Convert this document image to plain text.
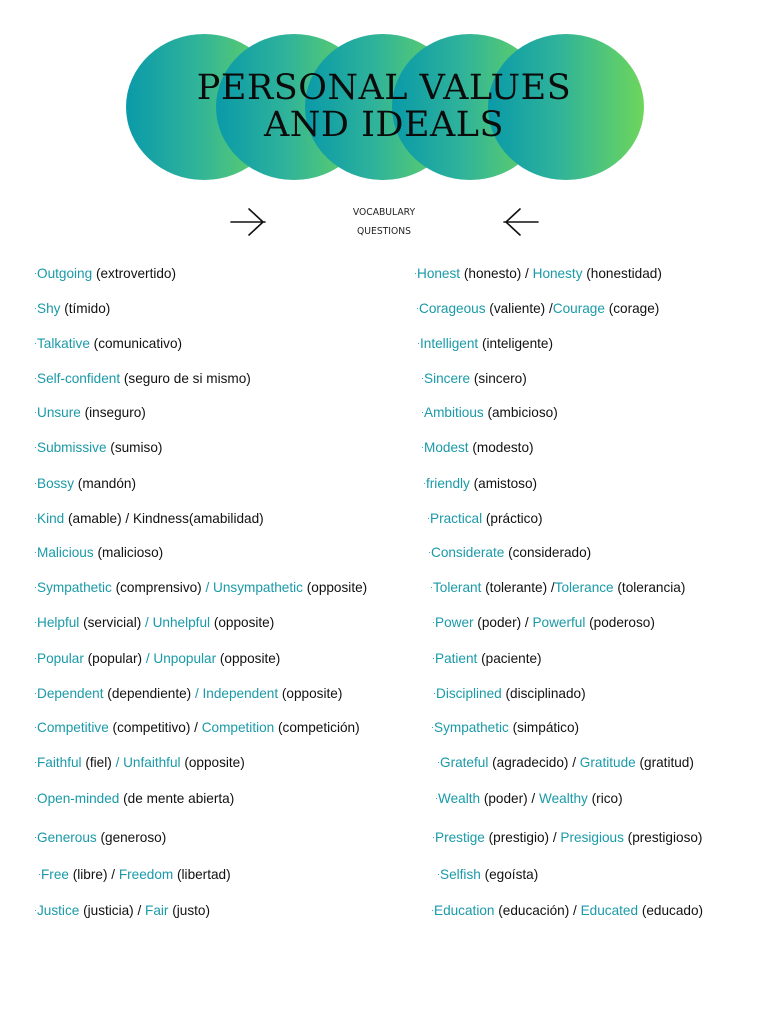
PERSONAL VALUES
AND IDEALS
VOCABULARY
QUESTIONS
·Outgoing (extrovertido)
·Shy (tímido)
·Talkative (comunicativo)
·Self-confident (seguro de si mismo)
·Unsure (inseguro)
·Submissive (sumiso)
·Bossy (mandón)
·Kind (amable) / Kindness(amabilidad)
·Malicious (malicioso)
·Sympathetic (comprensivo) / Unsympathetic (opposite)
·Helpful (servicial) / Unhelpful (opposite)
·Popular (popular) / Unpopular (opposite)
·Dependent (dependiente) / Independent (opposite)
·Competitive (competitivo) / Competition (competición)
·Faithful (fiel) / Unfaithful (opposite)
·Open-minded (de mente abierta)
·Generous (generoso)
·Free (libre) / Freedom (libertad)
·Justice (justicia) / Fair (justo)
·Honest (honesto) / Honesty (honestidad)
·Corageous (valiente) /Courage (corage)
·Intelligent (inteligente)
·Sincere (sincero)
·Ambitious (ambicioso)
·Modest (modesto)
·friendly (amistoso)
·Practical (práctico)
·Considerate (considerado)
·Tolerant (tolerante) /Tolerance (tolerancia)
·Power (poder) / Powerful (poderoso)
·Patient (paciente)
·Disciplined (disciplinado)
·Sympathetic (simpático)
·Grateful (agradecido) / Gratitude (gratitud)
·Wealth (poder) / Wealthy (rico)
·Prestige (prestigio) / Presigious (prestigioso)
·Selfish (egoísta)
·Education (educación) / Educated (educado)
